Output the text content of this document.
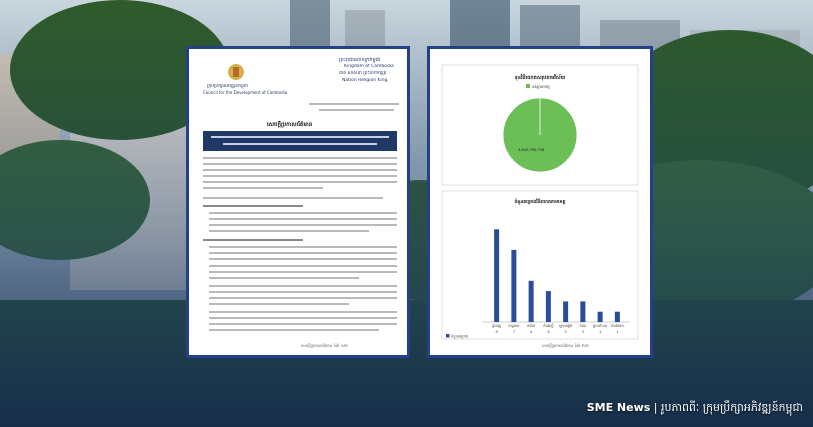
ព្រះរាជាណាចក្រកម្ពុជា
Kingdom of Cambodia
ជាតិ សាសនា ព្រះមហាក្សត្រ
Nation Religion King
ក្រុមប្រឹក្សាអភិវឌ្ឍន៍កម្ពុជា
Council for the Development of Cambodia
សេចក្តីប្រកាសព័ត៌មាន
សេចក្តីប្រកាសព័ត៌មាន ទំព័រ ១/២
ទុនវិនិយោគសរុបតាមវិស័យ
ឧស្សាហកម្ម
3,642,760,758
ចំនួនគម្រោងវិនិយោគតាមខេត្ត
ភ្នំពេញ
9
កណ្ដាល
7
តាកែវ
4
កំពង់ស្ពឺ
3
ស្វាយរៀង
2
កំពត
2
ព្រះសីហនុ
1
កំពង់ចាម
1
ចំនួនគម្រោង
សេចក្តីប្រកាសព័ត៌មាន ទំព័រ ២/២
SME News | រូបភាពពីៈ ក្រុមប្រឹក្សាអភិវឌ្ឍន៍កម្ពុជា
